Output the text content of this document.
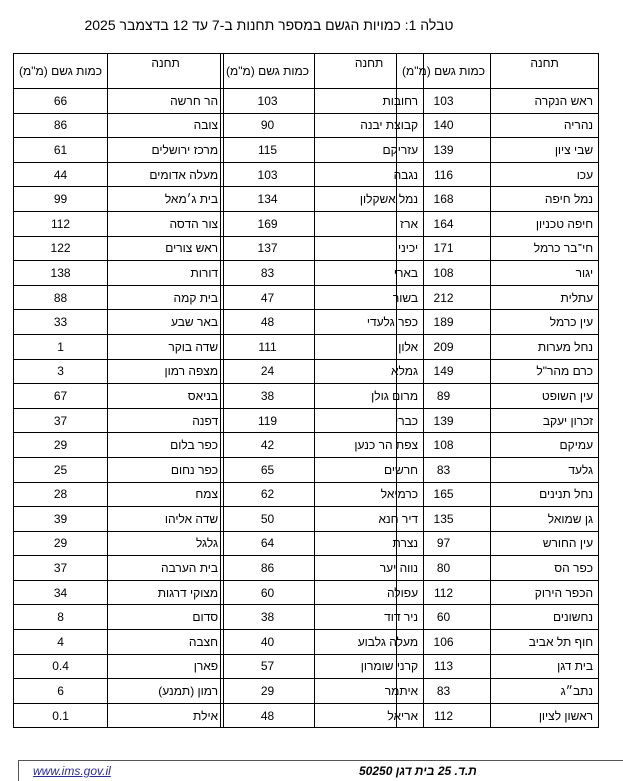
טבלה 1: כמויות הגשם במספר תחנות ב-7 עד 12 בדצמבר 2025
כמות גשם (מ"מ)	תחנה
66	הר חרשה
86	צובה
61	מרכז ירושלים
44	מעלה אדומים
99	בית ג׳מאל
112	צור הדסה
122	ראש צורים
138	דורות
88	בית קמה
33	באר שבע
1	שדה בוקר
3	מצפה רמון
67	בניאס
37	דפנה
29	כפר בלום
25	כפר נחום
28	צמח
39	שדה אליהו
29	גלגל
37	בית הערבה
34	מצוקי דרגות
8	סדום
4	חצבה
0.4	פארן
6	רמון (תמנע)
0.1	אילת
כמות גשם (מ"מ)	תחנה
103	רחובות
90	קבוצת יבנה
115	עזריקם
103	נגבה
134	נמל אשקלון
169	ארז
137	יכיני
83	בארי
47	בשור
48	כפר גלעדי
111	אלון
24	גמלא
38	מרום גולן
119	כברי
42	צפת הר כנען
65	חרשים
62	כרמיאל
50	דיר חנא
64	נצרת
86	נווה יער
60	עפולה
38	ניר דוד
40	מעלה גלבוע
57	קרני שומרון
29	איתמר
48	אריאל
כמות גשם (מ"מ)	תחנה
103	ראש הנקרה
140	נהריה
139	שבי ציון
116	עכו
168	נמל חיפה
164	חיפה טכניון
171	חי־בר כרמל
108	יגור
212	עתלית
189	עין כרמל
209	נחל מערות
149	כרם מהר"ל
89	עין השופט
139	זכרון יעקב
108	עמיקם
83	גלעד
165	נחל תנינים
135	גן שמואל
97	עין החורש
80	כפר הס
112	הכפר הירוק
60	נחשונים
106	חוף תל אביב
113	בית דגן
83	נתב״ג
112	ראשון לציון
www.ims.gov.il	ת.ד. 25 בית דגן 50250
